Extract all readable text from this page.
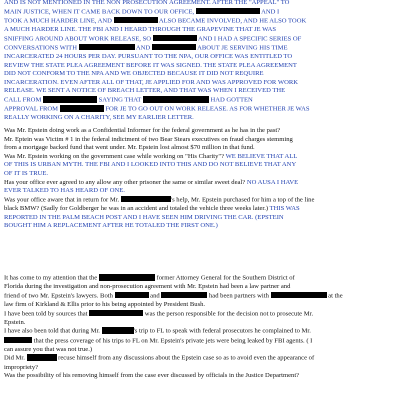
AND IS NOT MENTIONED IN THE NON PROSECUTION AGREEMENT. AFTER THE "APPEAL" TO

MAIN JUSTICE, WHEN IT CAME BACK DOWN TO OUR OFFICE,	AND I

TOOK A MUCH HARDER LINE, AND	ALSO BECAME INVOLVED, AND HE ALSO TOOK

A MUCH HARDER LINE. THE FBI AND I HEARD THROUGH THE GRAPEVINE THAT JE WAS

SNIFFING AROUND ABOUT WORK RELEASE, SO	AND I HAD A SPECIFIC SERIES OF

CONVERSATIONS WITH	AND	ABOUT JE SERVING HIS TIME

INCARCERATED 24 HOURS PER DAY. PURSUANT TO THE NPA, OUR OFFICE WAS ENTITLED TO

REVIEW THE STATE PLEA AGREEMENT BEFORE IT WAS SIGNED. THE STATE PLEA AGREEMENT

DID NOT CONFORM TO THE NPA AND WE OBJECTED BECAUSE IT DID NOT REQUIRE

INCARCERATION. EVEN AFTER ALL OF THAT, JE APPLIED FOR AND WAS APPROVED FOR WORK

RELEASE. WE SENT A NOTICE OF BREACH LETTER, AND THAT WAS WHEN I RECEIVED THE

CALL FROM	SAYING THAT	HAD GOTTEN

APPROVAL FROM	FOR JE TO GO OUT ON WORK RELEASE. AS FOR WHETHER JE WAS

REALLY WORKING ON A CHARITY, SEE MY EARLIER LETTER.

Was Mr. Epstein doing work as a Confidential Informer for the federal government as he has in the past?

Mr. Eptein was Victim # 1 in the federal indictment of two Bear Stears executives on fraud charges stemming

from a mortgage backed fund that went under. Mr. Epstein lost almost $70 million in that fund.

Was Mr. Epstein working on the government case while working on "His Charity"? WE BELIEVE THAT ALL

OF THIS IS URBAN MYTH. THE FBI AND I LOOKED INTO THIS AND DO NOT BELIEVE THAT ANY

OF IT IS TRUE.

Has your office ever agreed to any allow any other prisoner the same or similar sweet deal? NO AUSA I HAVE

EVER TALKED TO HAS HEARD OF ONE.

Was your office aware that in return for Mr.	's help, Mr. Epstein purchased for him a top of the line

black BMW? (Sadly for Goldberger he was in an accident and totaled the vehicle three weeks later.) THIS WAS

REPORTED IN THE PALM BEACH POST AND I HAVE SEEN HIM DRIVING THE CAR. (EPSTEIN

BOUGHT HIM A REPLACEMENT AFTER HE TOTALED THE FIRST ONE.)

It has come to my attention that the	former Attorney General for the Southern District of

Florida during the investigation and non-prosecution agreement with Mr. Epstein had been a law partner and

friend of two Mr. Epstein's lawyers. Both	and	had been partners with	at the

law firm of Kirkland & Ellis prior to his being appointed by President Bush.

I have been told by sources that	was the person responsible for the decision not to prosecute Mr.

Epstein.

I have also been told that during Mr.	's trip to FL to speak with federal prosecutors he complained to Mr.

that the press coverage of his trips to FL on Mr. Epstein's private jets were being leaked by FBI agents. ( I

can assure you that was not true.)

Did Mr.	recuse himself from any discussions about the Epstein case so as to avoid even the appearance of

impropriety?

Was the possibility of his removing himself from the case ever discussed by officials in the Justice Department?
